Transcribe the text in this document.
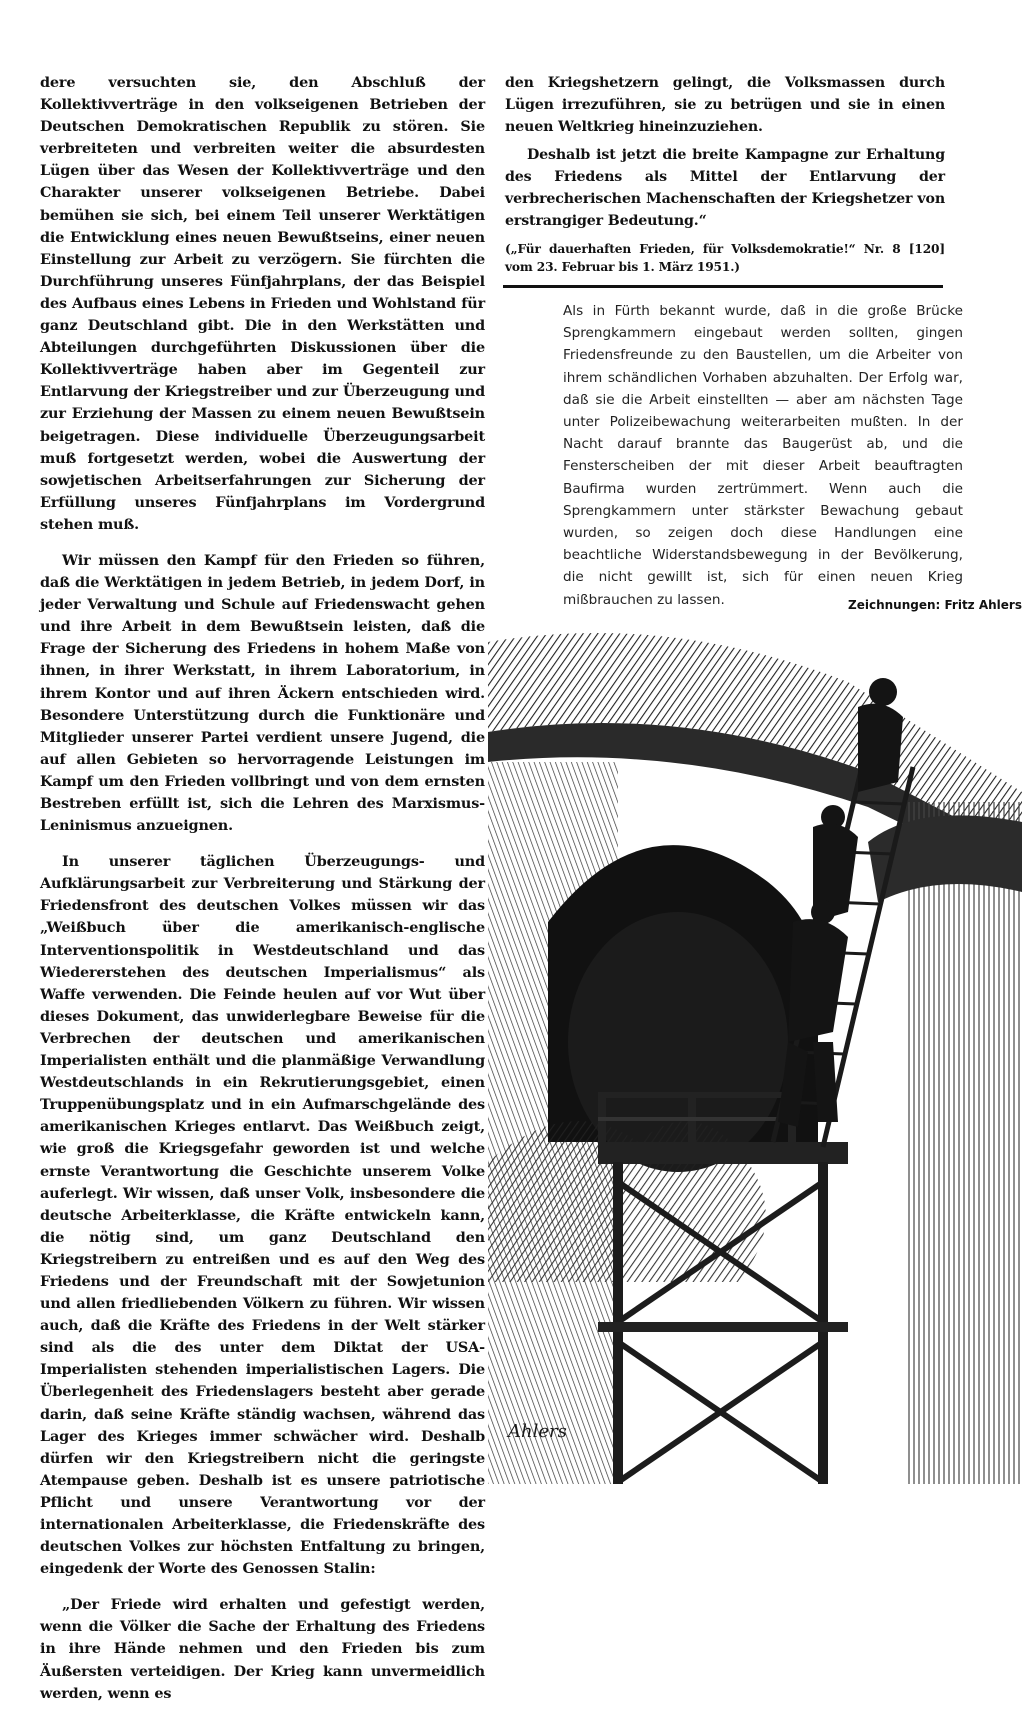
dere versuchten sie, den Abschluß der Kollektivverträge in den volkseigenen Betrieben der Deutschen Demokratischen Republik zu stören. Sie verbreiteten und verbreiten weiter die absurdesten Lügen über das Wesen der Kollektivverträge und den Charakter unserer volkseigenen Betriebe. Dabei bemühen sie sich, bei einem Teil unserer Werktätigen die Entwicklung eines neuen Bewußtseins, einer neuen Einstellung zur Arbeit zu verzögern. Sie fürchten die Durchführung unseres Fünfjahrplans, der das Beispiel des Aufbaus eines Lebens in Frieden und Wohlstand für ganz Deutschland gibt. Die in den Werkstätten und Abteilungen durchgeführten Diskussionen über die Kollektivverträge haben aber im Gegenteil zur Entlarvung der Kriegstreiber und zur Überzeugung und zur Erziehung der Massen zu einem neuen Bewußtsein beigetragen. Diese individuelle Überzeugungsarbeit muß fortgesetzt werden, wobei die Auswertung der sowjetischen Arbeitserfahrungen zur Sicherung der Erfüllung unseres Fünfjahrplans im Vordergrund stehen muß.

Wir müssen den Kampf für den Frieden so führen, daß die Werktätigen in jedem Betrieb, in jedem Dorf, in jeder Verwaltung und Schule auf Friedenswacht gehen und ihre Arbeit in dem Bewußtsein leisten, daß die Frage der Sicherung des Friedens in hohem Maße von ihnen, in ihrer Werkstatt, in ihrem Laboratorium, in ihrem Kontor und auf ihren Äckern entschieden wird. Besondere Unterstützung durch die Funktionäre und Mitglieder unserer Partei verdient unsere Jugend, die auf allen Gebieten so hervorragende Leistungen im Kampf um den Frieden vollbringt und von dem ernsten Bestreben erfüllt ist, sich die Lehren des Marxismus-Leninismus anzueignen.

In unserer täglichen Überzeugungs- und Aufklärungsarbeit zur Verbreiterung und Stärkung der Friedensfront des deutschen Volkes müssen wir das „Weißbuch über die amerikanisch-englische Interventionspolitik in Westdeutschland und das Wiedererstehen des deutschen Imperialismus“ als Waffe verwenden. Die Feinde heulen auf vor Wut über dieses Dokument, das unwiderlegbare Beweise für die Verbrechen der deutschen und amerikanischen Imperialisten enthält und die planmäßige Verwandlung Westdeutschlands in ein Rekrutierungsgebiet, einen Truppenübungsplatz und in ein Aufmarschgelände des amerikanischen Krieges entlarvt. Das Weißbuch zeigt, wie groß die Kriegsgefahr geworden ist und welche ernste Verantwortung die Geschichte unserem Volke auferlegt. Wir wissen, daß unser Volk, insbesondere die deutsche Arbeiterklasse, die Kräfte entwickeln kann, die nötig sind, um ganz Deutschland den Kriegstreibern zu entreißen und es auf den Weg des Friedens und der Freundschaft mit der Sowjetunion und allen friedliebenden Völkern zu führen. Wir wissen auch, daß die Kräfte des Friedens in der Welt stärker sind als die des unter dem Diktat der USA-Imperialisten stehenden imperialistischen Lagers. Die Überlegenheit des Friedenslagers besteht aber gerade darin, daß seine Kräfte ständig wachsen, während das Lager des Krieges immer schwächer wird. Deshalb dürfen wir den Kriegstreibern nicht die geringste Atempause geben. Deshalb ist es unsere patriotische Pflicht und unsere Verantwortung vor der internationalen Arbeiterklasse, die Friedenskräfte des deutschen Volkes zur höchsten Entfaltung zu bringen, eingedenk der Worte des Genossen Stalin:

„Der Friede wird erhalten und gefestigt werden, wenn die Völker die Sache der Erhaltung des Friedens in ihre Hände nehmen und den Frieden bis zum Äußersten verteidigen. Der Krieg kann unvermeidlich werden, wenn es

den Kriegshetzern gelingt, die Volksmassen durch Lügen irrezuführen, sie zu betrügen und sie in einen neuen Weltkrieg hineinzuziehen.

Deshalb ist jetzt die breite Kampagne zur Erhaltung des Friedens als Mittel der Entlarvung der verbrecherischen Machenschaften der Kriegshetzer von erstrangiger Bedeutung.“

(„Für dauerhaften Frieden, für Volksdemokratie!“ Nr. 8 [120] vom 23. Februar bis 1. März 1951.)
Als in Fürth bekannt wurde, daß in die große Brücke Sprengkammern eingebaut werden sollten, gingen Friedensfreunde zu den Baustellen, um die Arbeiter von ihrem schändlichen Vorhaben abzuhalten. Der Erfolg war, daß sie die Arbeit einstellten — aber am nächsten Tage unter Polizeibewachung weiterarbeiten mußten. In der Nacht darauf brannte das Baugerüst ab, und die Fensterscheiben der mit dieser Arbeit beauftragten Baufirma wurden zertrümmert. Wenn auch die Sprengkammern unter stärkster Bewachung gebaut wurden, so zeigen doch diese Handlungen eine beachtliche Widerstandsbewegung in der Bevölkerung, die nicht gewillt ist, sich für einen neuen Krieg mißbrauchen zu lassen.	Zeichnungen: Fritz Ahlers
Ahlers
